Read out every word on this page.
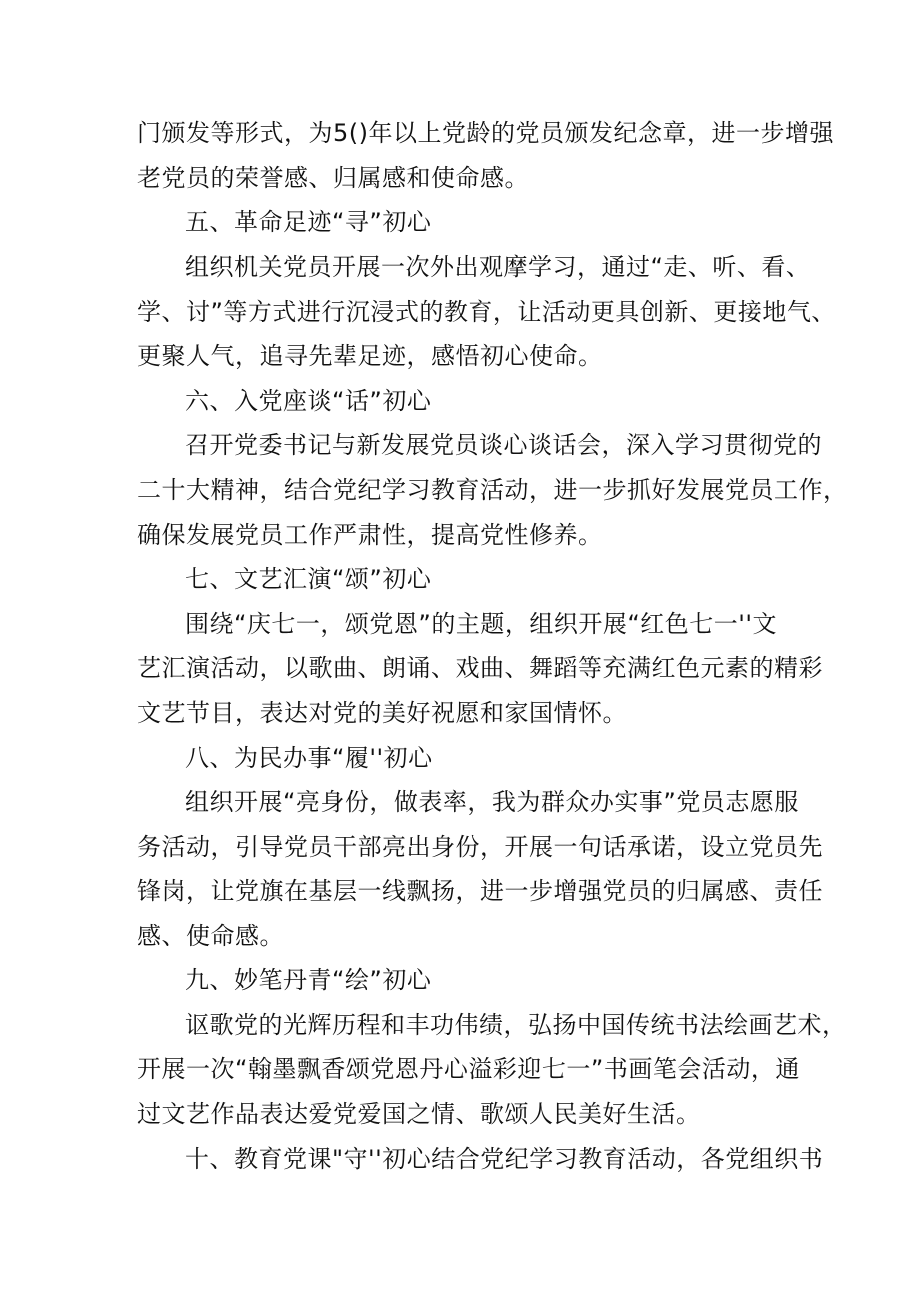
门颁发等形式，为5()年以上党龄的党员颁发纪念章，进一步增强
老党员的荣誉感、归属感和使命感。
五、革命足迹“寻”初心
组织机关党员开展一次外出观摩学习，通过“走、听、看、
学、讨”等方式进行沉浸式的教育，让活动更具创新、更接地气、
更聚人气，追寻先辈足迹，感悟初心使命。
六、入党座谈“话”初心
召开党委书记与新发展党员谈心谈话会，深入学习贯彻党的
二十大精神，结合党纪学习教育活动，进一步抓好发展党员工作，
确保发展党员工作严肃性，提高党性修养。
七、文艺汇演“颂”初心
围绕“庆七一，颂党恩”的主题，组织开展“红色七一''文
艺汇演活动，以歌曲、朗诵、戏曲、舞蹈等充满红色元素的精彩
文艺节目，表达对党的美好祝愿和家国情怀。
八、为民办事“履''初心
组织开展“亮身份，做表率，我为群众办实事”党员志愿服
务活动，引导党员干部亮出身份，开展一句话承诺，设立党员先
锋岗，让党旗在基层一线飘扬，进一步增强党员的归属感、责任
感、使命感。
九、妙笔丹青“绘”初心
讴歌党的光辉历程和丰功伟绩，弘扬中国传统书法绘画艺术，
开展一次“翰墨飘香颂党恩丹心溢彩迎七一”书画笔会活动，通
过文艺作品表达爱党爱国之情、歌颂人民美好生活。
十、教育党课"守''初心结合党纪学习教育活动，各党组织书
